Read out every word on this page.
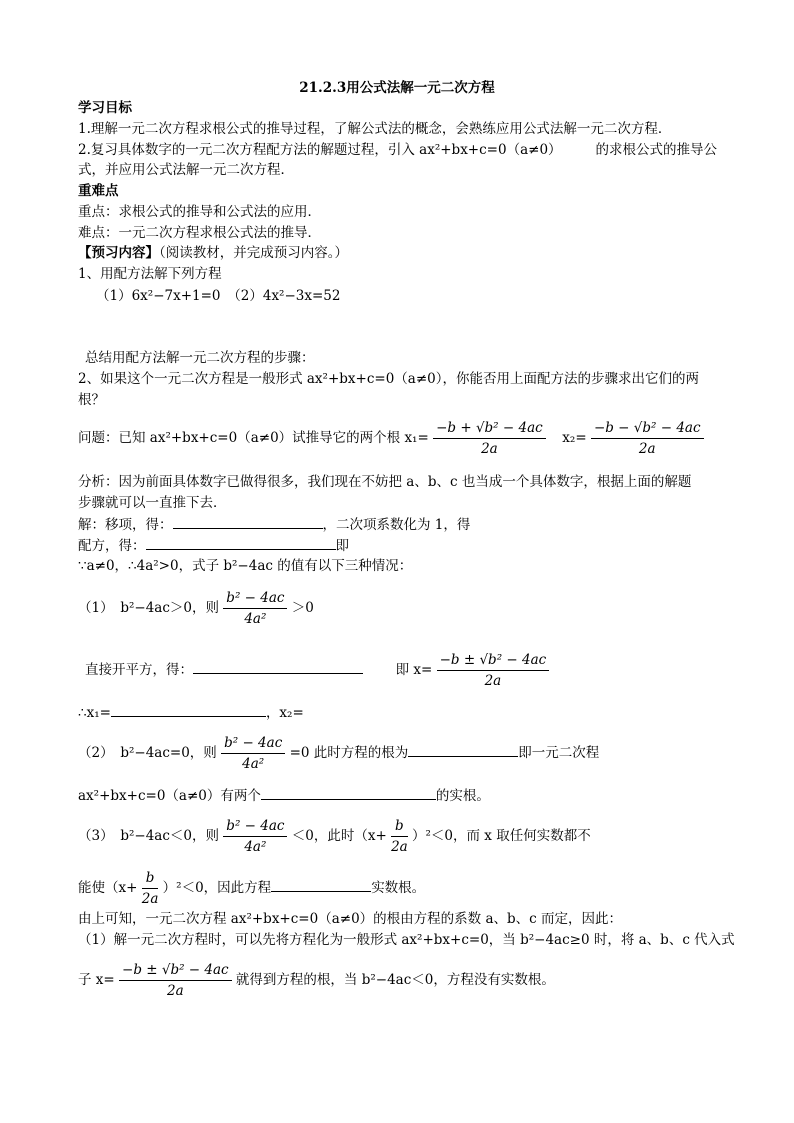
21.2.3用公式法解一元二次方程
学习目标
1.理解一元二次方程求根公式的推导过程，了解公式法的概念，会熟练应用公式法解一元二次方程．
2.复习具体数字的一元二次方程配方法的解题过程，引入 ax²+bx+c=0（a≠0）	的求根公式的推导公
式，并应用公式法解一元二次方程．
重难点
重点：求根公式的推导和公式法的应用．
难点：一元二次方程求根公式法的推导．
【预习内容】（阅读教材，并完成预习内容。）
1、用配方法解下列方程
（1）6x²−7x+1=0　（2）4x²−3x=52
总结用配方法解一元二次方程的步骤：
2、如果这个一元二次方程是一般形式 ax²+bx+c=0（a≠0），你能否用上面配方法的步骤求出它们的两
根？
问题：已知 ax²+bx+c=0（a≠0）试推导它的两个根 $x_1= \frac{\text{−b + √b² − 4ac}}{2a} x_2= \frac{\text{−b − √b² − 4ac}}{2a}$
分析：因为前面具体数字已做得很多，我们现在不妨把 a、b、c 也当成一个具体数字，根据上面的解题
步骤就可以一直推下去．
解：移项，得：	，二次项系数化为 1，得
配方，得：	即
∵a≠0，∴4a²>0，式子 b²−4ac 的值有以下三种情况：
（1）　b²−4ac＞0，则 $\frac{\text{b² − 4ac}}{\text{4a²}} >0$
直接开平方，得：	即 $x= \frac{\text{−b ± √b² − 4ac}}{2a}$
∴x₁=	，x₂=
（2）　b²−4ac=0，则 $\frac{\text{b² − 4ac}}{\text{4a²}} =0$ 此时方程的根为	即一元二次程
ax²+bx+c=0（a≠0）有两个	的实根。
（3）　b²−4ac＜0，则 $\frac{\text{b² − 4ac}}{\text{4a²}} <0$，此时$(x+ \frac{b}{2a} )^2<0$，而 x 取任何实数都不
能使$(x+ \frac{b}{2a} )^2<0$，因此方程	实数根。
由上可知，一元二次方程 ax²+bx+c=0（a≠0）的根由方程的系数 a、b、c 而定，因此：
（1）解一元二次方程时，可以先将方程化为一般形式 ax²+bx+c=0，当 b²−4ac≥0 时，将 a、b、c 代入式
子 $x= \frac{\text{−b ± √b² − 4ac}}{2a}$ 就得到方程的根，当 b²−4ac＜0，方程没有实数根。
